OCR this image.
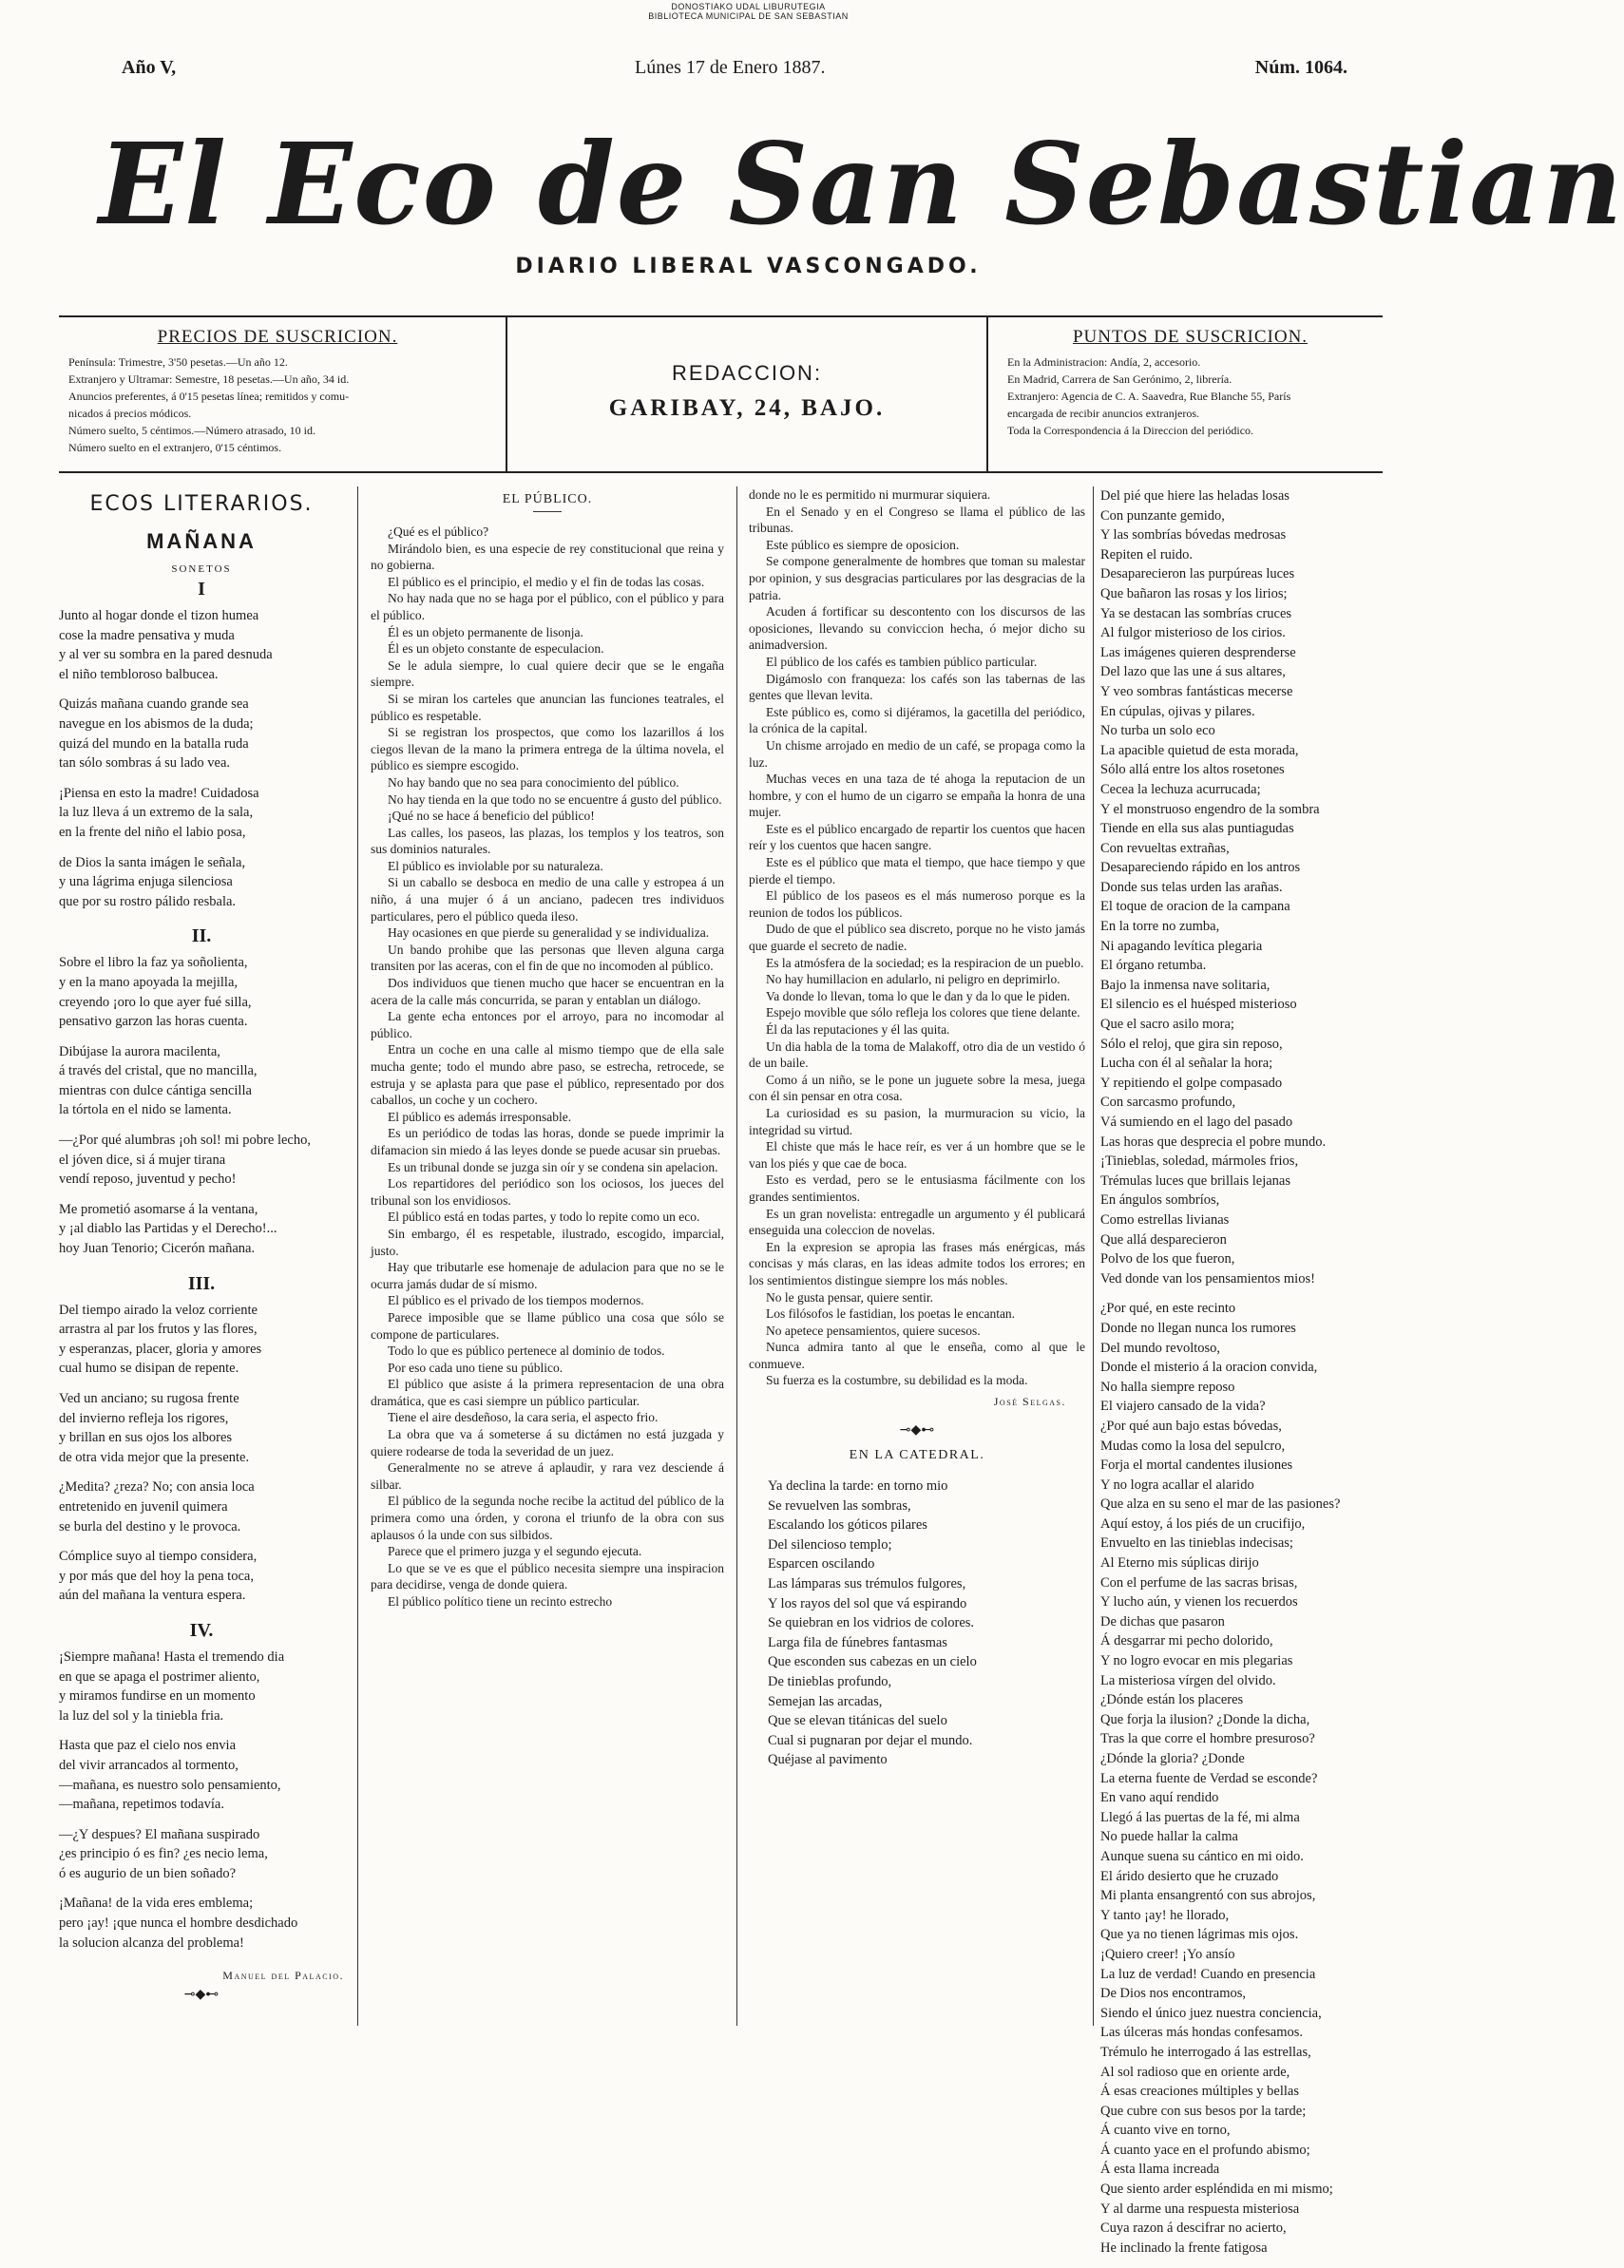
DONOSTIAKO UDAL LIBURUTEGIA
BIBLIOTECA MUNICIPAL DE SAN SEBASTIAN
Año V,	Lúnes 17 de Enero 1887.	Núm. 1064.
El Eco de San Sebastian
DIARIO LIBERAL VASCONGADO.
PRECIOS DE SUSCRICION.
Península: Trimestre, 3'50 pesetas.—Un año 12.
Extranjero y Ultramar: Semestre, 18 pesetas.—Un año, 34 id.
Anuncios preferentes, á 0'15 pesetas línea; remitidos y comu-
nicados á precios módicos.
Número suelto, 5 céntimos.—Número atrasado, 10 id.
Número suelto en el extranjero, 0'15 céntimos.
REDACCION:
GARIBAY, 24, BAJO.
PUNTOS DE SUSCRICION.
En la Administracion: Andía, 2, accesorio.
En Madrid, Carrera de San Gerónimo, 2, librería.
Extranjero: Agencia de C. A. Saavedra, Rue Blanche 55, París
encargada de recibir anuncios extranjeros.
Toda la Correspondencia á la Direccion del periódico.
ECOS LITERARIOS.
MAÑANA
SONETOS
I
Junto al hogar donde el tizon humea
cose la madre pensativa y muda
y al ver su sombra en la pared desnuda
el niño tembloroso balbucea.
Quizás mañana cuando grande sea
navegue en los abismos de la duda;
quizá del mundo en la batalla ruda
tan sólo sombras á su lado vea.
¡Piensa en esto la madre! Cuidadosa
la luz lleva á un extremo de la sala,
en la frente del niño el labio posa,
de Dios la santa imágen le señala,
y una lágrima enjuga silenciosa
que por su rostro pálido resbala.
II.
Sobre el libro la faz ya soñolienta,
y en la mano apoyada la mejilla,
creyendo ¡oro lo que ayer fué silla,
pensativo garzon las horas cuenta.
Dibújase la aurora macilenta,
á través del cristal, que no mancilla,
mientras con dulce cántiga sencilla
la tórtola en el nido se lamenta.
—¿Por qué alumbras ¡oh sol! mi pobre lecho,
el jóven dice, si á mujer tirana
vendí reposo, juventud y pecho!
Me prometió asomarse á la ventana,
y ¡al diablo las Partidas y el Derecho!...
hoy Juan Tenorio; Cicerón mañana.
III.
Del tiempo airado la veloz corriente
arrastra al par los frutos y las flores,
y esperanzas, placer, gloria y amores
cual humo se disipan de repente.
Ved un anciano; su rugosa frente
del invierno refleja los rigores,
y brillan en sus ojos los albores
de otra vida mejor que la presente.
¿Medita? ¿reza? No; con ansia loca
entretenido en juvenil quimera
se burla del destino y le provoca.
Cómplice suyo al tiempo considera,
y por más que del hoy la pena toca,
aún del mañana la ventura espera.
IV.
¡Siempre mañana! Hasta el tremendo dia
en que se apaga el postrimer aliento,
y miramos fundirse en un momento
la luz del sol y la tiniebla fria.
Hasta que paz el cielo nos envia
del vivir arrancados al tormento,
—mañana, es nuestro solo pensamiento,
—mañana, repetimos todavía.
—¿Y despues? El mañana suspirado
¿es principio ó es fin? ¿es necio lema,
ó es augurio de un bien soñado?
¡Mañana! de la vida eres emblema;
pero ¡ay! ¡que nunca el hombre desdichado
la solucion alcanza del problema!
Manuel del Palacio.
⊸◆⊷
EL PÚBLICO.

¿Qué es el público?

Mirándolo bien, es una especie de rey constitucional que reina y no gobierna.

El público es el principio, el medio y el fin de todas las cosas.

No hay nada que no se haga por el público, con el público y para el público.

Él es un objeto permanente de lisonja.

Él es un objeto constante de especulacion.

Se le adula siempre, lo cual quiere decir que se le engaña siempre.

Si se miran los carteles que anuncian las funciones teatrales, el público es respetable.

Si se registran los prospectos, que como los lazarillos á los ciegos llevan de la mano la primera entrega de la última novela, el público es siempre escogido.

No hay bando que no sea para conocimiento del público.

No hay tienda en la que todo no se encuentre á gusto del público.

¡Qué no se hace á beneficio del público!

Las calles, los paseos, las plazas, los templos y los teatros, son sus dominios naturales.

El público es inviolable por su naturaleza.

Si un caballo se desboca en medio de una calle y estropea á un niño, á una mujer ó á un anciano, padecen tres individuos particulares, pero el público queda ileso.

Hay ocasiones en que pierde su generalidad y se individualiza.

Un bando prohibe que las personas que lleven alguna carga transiten por las aceras, con el fin de que no incomoden al público.

Dos individuos que tienen mucho que hacer se encuentran en la acera de la calle más concurrida, se paran y entablan un diálogo.

La gente echa entonces por el arroyo, para no incomodar al público.

Entra un coche en una calle al mismo tiempo que de ella sale mucha gente; todo el mundo abre paso, se estrecha, retrocede, se estruja y se aplasta para que pase el público, representado por dos caballos, un coche y un cochero.

El público es además irresponsable.

Es un periódico de todas las horas, donde se puede imprimir la difamacion sin miedo á las leyes donde se puede acusar sin pruebas.

Es un tribunal donde se juzga sin oír y se condena sin apelacion.

Los repartidores del periódico son los ociosos, los jueces del tribunal son los envidiosos.

El público está en todas partes, y todo lo repite como un eco.

Sin embargo, él es respetable, ilustrado, escogido, imparcial, justo.

Hay que tributarle ese homenaje de adulacion para que no se le ocurra jamás dudar de sí mismo.

El público es el privado de los tiempos modernos.

Parece imposible que se llame público una cosa que sólo se compone de particulares.

Todo lo que es público pertenece al dominio de todos.

Por eso cada uno tiene su público.

El público que asiste á la primera representacion de una obra dramática, que es casi siempre un público particular.

Tiene el aire desdeñoso, la cara seria, el aspecto frio.

La obra que va á someterse á su dictámen no está juzgada y quiere rodearse de toda la severidad de un juez.

Generalmente no se atreve á aplaudir, y rara vez desciende á silbar.

El público de la segunda noche recibe la actitud del público de la primera como una órden, y corona el triunfo de la obra con sus aplausos ó la unde con sus silbidos.

Parece que el primero juzga y el segundo ejecuta.

Lo que se ve es que el público necesita siempre una inspiracion para decidirse, venga de donde quiera.

El público político tiene un recinto estrecho

donde no le es permitido ni murmurar siquiera.

En el Senado y en el Congreso se llama el público de las tribunas.

Este público es siempre de oposicion.

Se compone generalmente de hombres que toman su malestar por opinion, y sus desgracias particulares por las desgracias de la patria.

Acuden á fortificar su descontento con los discursos de las oposiciones, llevando su conviccion hecha, ó mejor dicho su animadversion.

El público de los cafés es tambien público particular.

Digámoslo con franqueza: los cafés son las tabernas de las gentes que llevan levita.

Este público es, como si dijéramos, la gacetilla del periódico, la crónica de la capital.

Un chisme arrojado en medio de un café, se propaga como la luz.

Muchas veces en una taza de té ahoga la reputacion de un hombre, y con el humo de un cigarro se empaña la honra de una mujer.

Este es el público encargado de repartir los cuentos que hacen reír y los cuentos que hacen sangre.

Este es el público que mata el tiempo, que hace tiempo y que pierde el tiempo.

El público de los paseos es el más numeroso porque es la reunion de todos los públicos.

Dudo de que el público sea discreto, porque no he visto jamás que guarde el secreto de nadie.

Es la atmósfera de la sociedad; es la respiracion de un pueblo.

No hay humillacion en adularlo, ni peligro en deprimirlo.

Va donde lo llevan, toma lo que le dan y da lo que le piden.

Espejo movible que sólo refleja los colores que tiene delante.

Él da las reputaciones y él las quita.

Un dia habla de la toma de Malakoff, otro dia de un vestido ó de un baile.

Como á un niño, se le pone un juguete sobre la mesa, juega con él sin pensar en otra cosa.

La curiosidad es su pasion, la murmuracion su vicio, la integridad su virtud.

El chiste que más le hace reír, es ver á un hombre que se le van los piés y que cae de boca.

Esto es verdad, pero se le entusiasma fácilmente con los grandes sentimientos.

Es un gran novelista: entregadle un argumento y él publicará enseguida una coleccion de novelas.

En la expresion se apropia las frases más enérgicas, más concisas y más claras, en las ideas admite todos los errores; en los sentimientos distingue siempre los más nobles.

No le gusta pensar, quiere sentir.

Los filósofos le fastidian, los poetas le encantan.

No apetece pensamientos, quiere sucesos.

Nunca admira tanto al que le enseña, como al que le conmueve.

Su fuerza es la costumbre, su debilidad es la moda.

José Selgas.
⊸◆⊷
EN LA CATEDRAL.
Ya declina la tarde: en torno mio
Se revuelven las sombras,
Escalando los góticos pilares
Del silencioso templo;
Esparcen oscilando
Las lámparas sus trémulos fulgores,
Y los rayos del sol que vá espirando
Se quiebran en los vidrios de colores.
Larga fila de fúnebres fantasmas
Que esconden sus cabezas en un cielo
De tinieblas profundo,
Semejan las arcadas,
Que se elevan titánicas del suelo
Cual si pugnaran por dejar el mundo.
Quéjase al pavimento
Del pié que hiere las heladas losas
Con punzante gemido,
Y las sombrías bóvedas medrosas
Repiten el ruido.
Desaparecieron las purpúreas luces
Que bañaron las rosas y los lirios;
Ya se destacan las sombrías cruces
Al fulgor misterioso de los cirios.
Las imágenes quieren desprenderse
Del lazo que las une á sus altares,
Y veo sombras fantásticas mecerse
En cúpulas, ojivas y pilares.
No turba un solo eco
La apacible quietud de esta morada,
Sólo allá entre los altos rosetones
Cecea la lechuza acurrucada;
Y el monstruoso engendro de la sombra
Tiende en ella sus alas puntiagudas
Con revueltas extrañas,
Desapareciendo rápido en los antros
Donde sus telas urden las arañas.
El toque de oracion de la campana
En la torre no zumba,
Ni apagando levítica plegaria
El órgano retumba.
Bajo la inmensa nave solitaria,
El silencio es el huésped misterioso
Que el sacro asilo mora;
Sólo el reloj, que gira sin reposo,
Lucha con él al señalar la hora;
Y repitiendo el golpe compasado
Con sarcasmo profundo,
Vá sumiendo en el lago del pasado
Las horas que desprecia el pobre mundo.
¡Tinieblas, soledad, mármoles frios,
Trémulas luces que brillais lejanas
En ángulos sombríos,
Como estrellas livianas
Que allá desparecieron
Polvo de los que fueron,
Ved donde van los pensamientos mios!
¿Por qué, en este recinto
Donde no llegan nunca los rumores
Del mundo revoltoso,
Donde el misterio á la oracion convida,
No halla siempre reposo
El viajero cansado de la vida?
¿Por qué aun bajo estas bóvedas,
Mudas como la losa del sepulcro,
Forja el mortal candentes ilusiones
Y no logra acallar el alarido
Que alza en su seno el mar de las pasiones?
Aquí estoy, á los piés de un crucifijo,
Envuelto en las tinieblas indecisas;
Al Eterno mis súplicas dirijo
Con el perfume de las sacras brisas,
Y lucho aún, y vienen los recuerdos
De dichas que pasaron
Á desgarrar mi pecho dolorido,
Y no logro evocar en mis plegarias
La misteriosa vírgen del olvido.
¿Dónde están los placeres
Que forja la ilusion? ¿Donde la dicha,
Tras la que corre el hombre presuroso?
¿Dónde la gloria? ¿Donde
La eterna fuente de Verdad se esconde?
En vano aquí rendido
Llegó á las puertas de la fé, mi alma
No puede hallar la calma
Aunque suena su cántico en mi oido.
El árido desierto que he cruzado
Mi planta ensangrentó con sus abrojos,
Y tanto ¡ay! he llorado,
Que ya no tienen lágrimas mis ojos.
¡Quiero creer! ¡Yo ansío
La luz de verdad! Cuando en presencia
De Dios nos encontramos,
Siendo el único juez nuestra conciencia,
Las úlceras más hondas confesamos.
Trémulo he interrogado á las estrellas,
Al sol radioso que en oriente arde,
Á esas creaciones múltiples y bellas
Que cubre con sus besos por la tarde;
Á cuanto vive en torno,
Á cuanto yace en el profundo abismo;
Á esta llama increada
Que siento arder espléndida en mi mismo;
Y al darme una respuesta misteriosa
Cuya razon á descifrar no acierto,
He inclinado la frente fatigosa
